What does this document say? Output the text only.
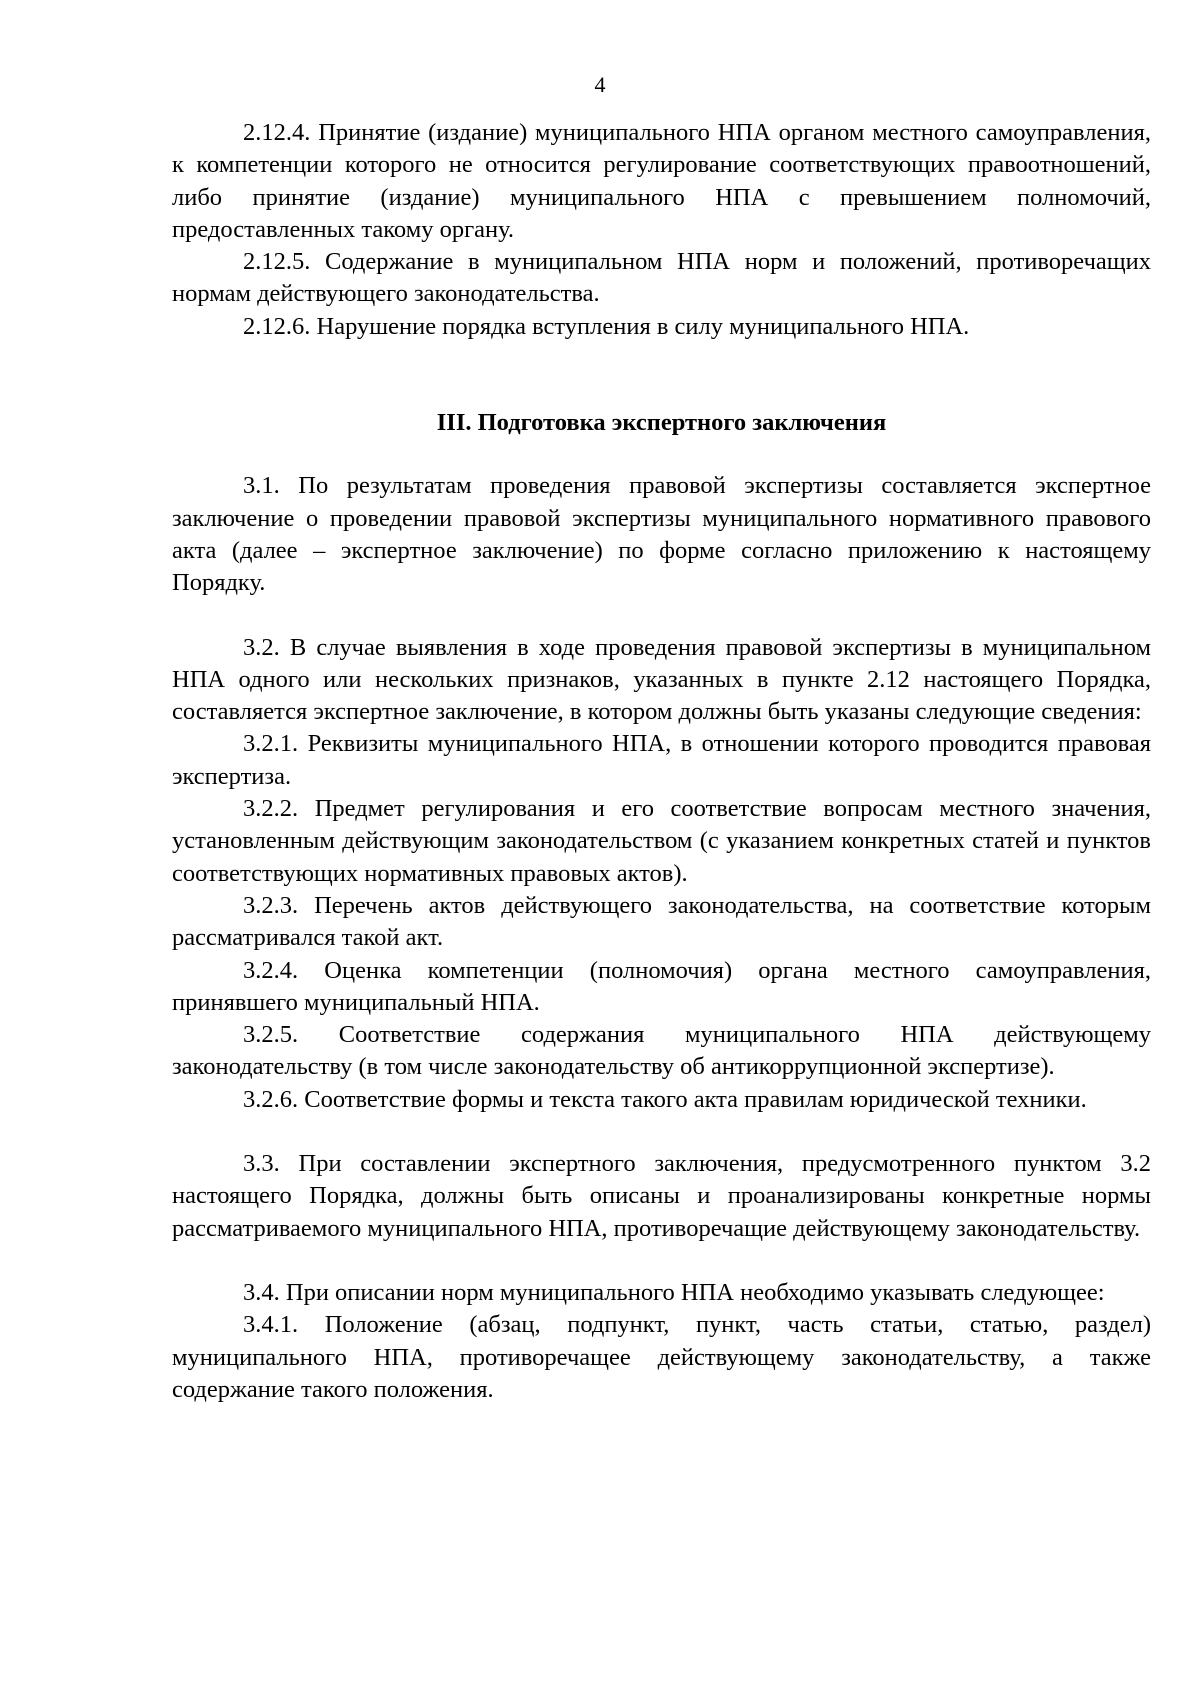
4

2.12.4. Принятие (издание) муниципального НПА органом местного самоуправления, к компетенции которого не относится регулирование соответствующих правоотношений, либо принятие (издание) муниципального НПА с превышением полномочий, предоставленных такому органу.

2.12.5. Содержание в муниципальном НПА норм и положений, противоречащих нормам действующего законодательства.

2.12.6. Нарушение порядка вступления в силу муниципального НПА.

III. Подготовка экспертного заключения

3.1. По результатам проведения правовой экспертизы составляется экспертное заключение о проведении правовой экспертизы муниципального нормативного правового акта (далее – экспертное заключение) по форме согласно приложению к настоящему Порядку.

3.2. В случае выявления в ходе проведения правовой экспертизы в муниципальном НПА одного или нескольких признаков, указанных в пункте 2.12 настоящего Порядка, составляется экспертное заключение, в котором должны быть указаны следующие сведения:

3.2.1. Реквизиты муниципального НПА, в отношении которого проводится правовая экспертиза.

3.2.2. Предмет регулирования и его соответствие вопросам местного значения, установленным действующим законодательством (с указанием конкретных статей и пунктов соответствующих нормативных правовых актов).

3.2.3. Перечень актов действующего законодательства, на соответствие которым рассматривался такой акт.

3.2.4. Оценка компетенции (полномочия) органа местного самоуправления, принявшего муниципальный НПА.

3.2.5. Соответствие содержания муниципального НПА действующему законодательству (в том числе законодательству об антикоррупционной экспертизе).

3.2.6. Соответствие формы и текста такого акта правилам юридической техники.

3.3. При составлении экспертного заключения, предусмотренного пунктом 3.2 настоящего Порядка, должны быть описаны и проанализированы конкретные нормы рассматриваемого муниципального НПА, противоречащие действующему законодательству.

3.4. При описании норм муниципального НПА необходимо указывать следующее:

3.4.1. Положение (абзац, подпункт, пункт, часть статьи, статью, раздел) муниципального НПА, противоречащее действующему законодательству, а также содержание такого положения.
